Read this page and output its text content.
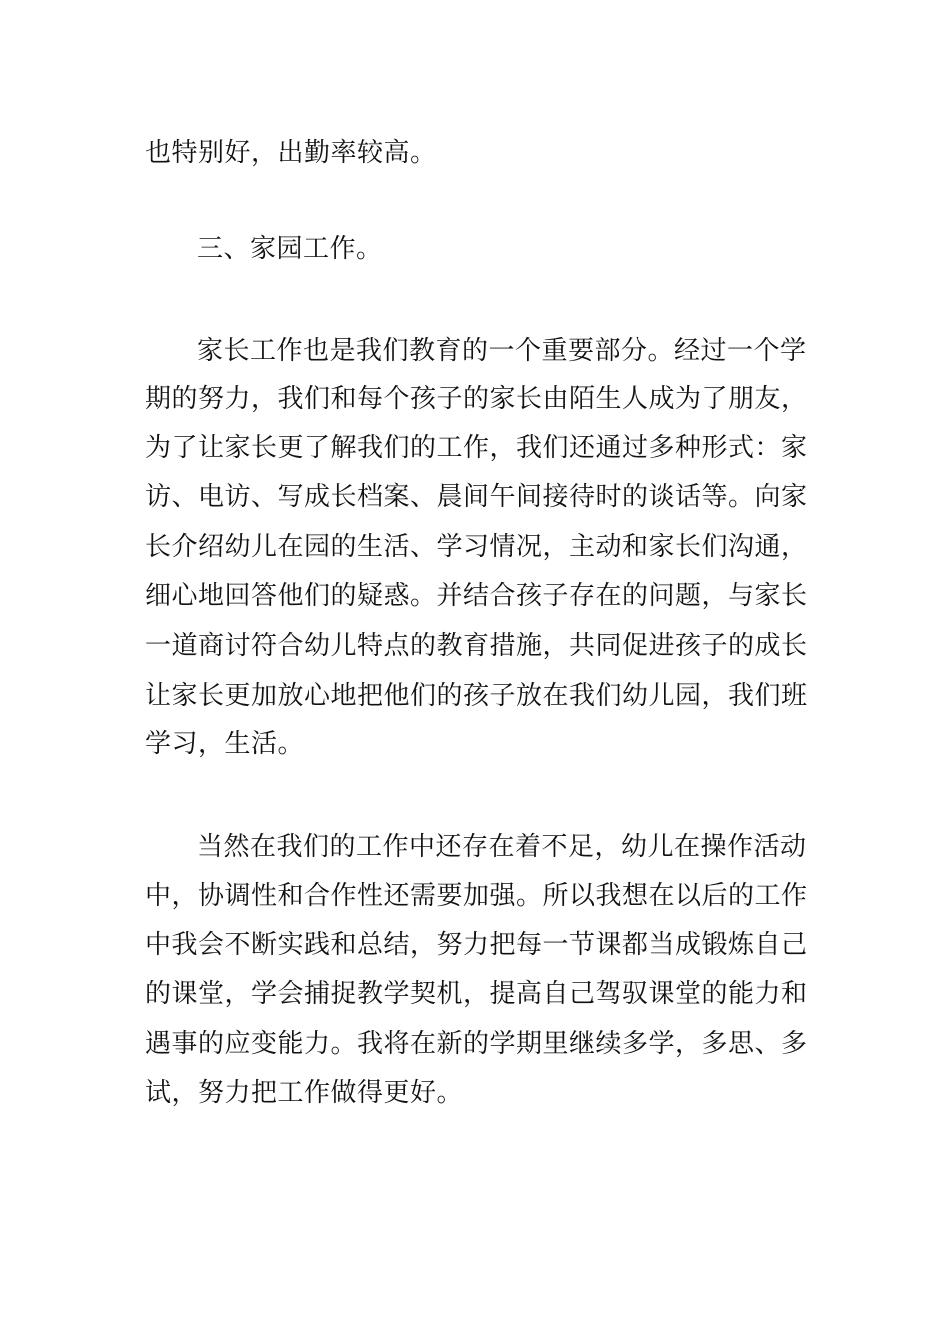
也特别好，出勤率较高。
三、家园工作。
家长工作也是我们教育的一个重要部分。经过一个学
期的努力，我们和每个孩子的家长由陌生人成为了朋友，
为了让家长更了解我们的工作，我们还通过多种形式：家
访、电访、写成长档案、晨间午间接待时的谈话等。向家
长介绍幼儿在园的生活、学习情况，主动和家长们沟通，
细心地回答他们的疑惑。并结合孩子存在的问题，与家长
一道商讨符合幼儿特点的教育措施，共同促进孩子的成长
让家长更加放心地把他们的孩子放在我们幼儿园，我们班
学习，生活。
当然在我们的工作中还存在着不足，幼儿在操作活动
中，协调性和合作性还需要加强。所以我想在以后的工作
中我会不断实践和总结，努力把每一节课都当成锻炼自己
的课堂，学会捕捉教学契机，提高自己驾驭课堂的能力和
遇事的应变能力。我将在新的学期里继续多学，多思、多
试，努力把工作做得更好。
